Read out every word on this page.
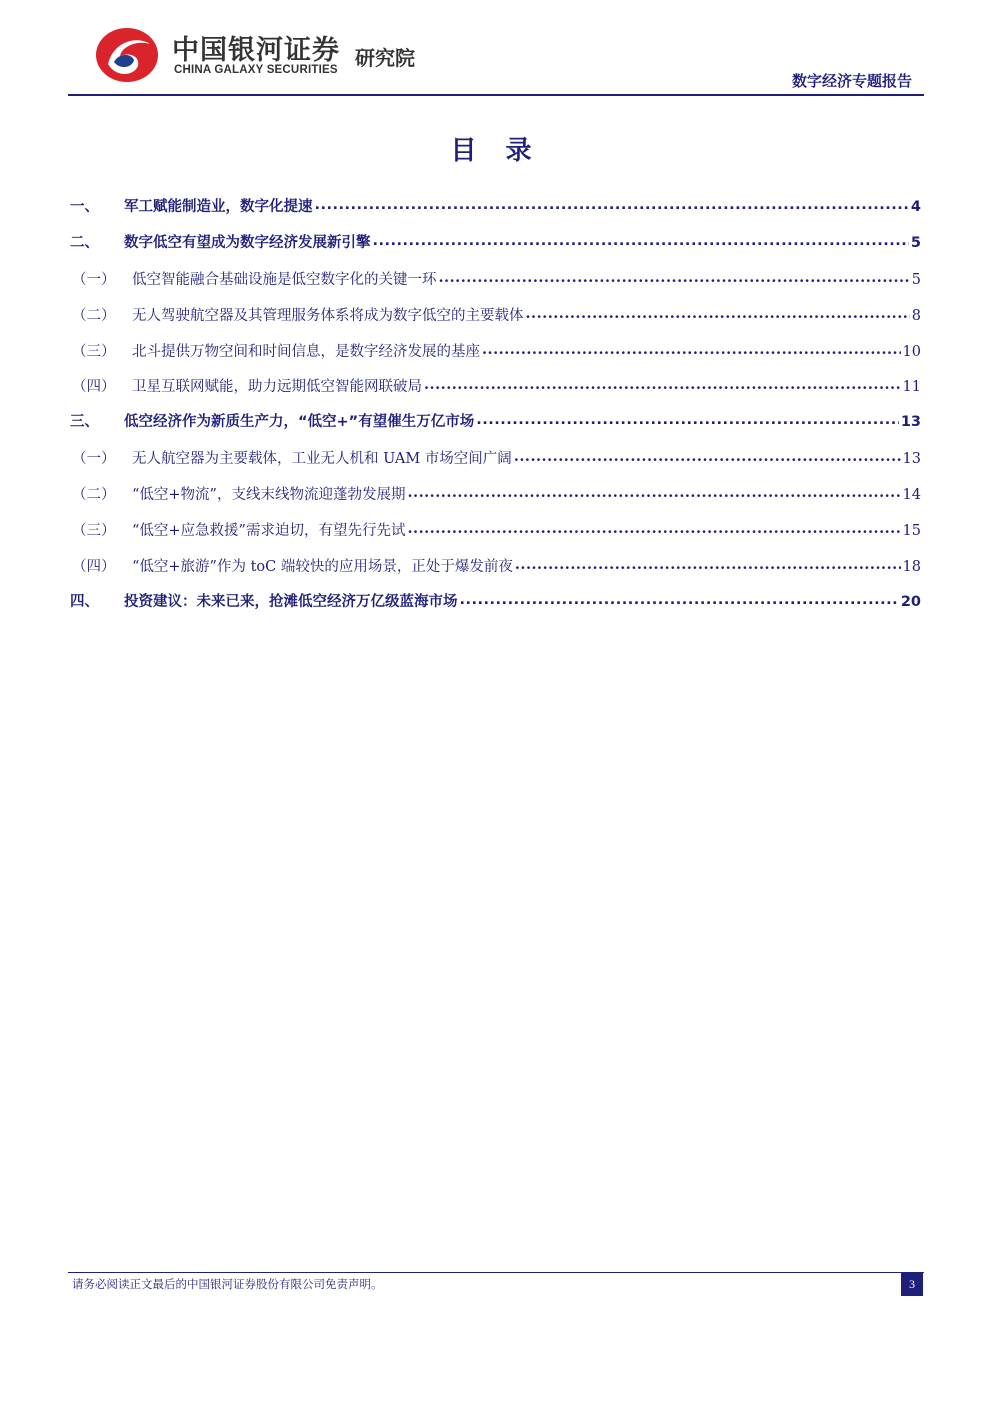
中国银河证券
CHINA GALAXY SECURITIES 研究院
数字经济专题报告
目 录
一、	军工赋能制造业，数字化提速 .....	4
二、	数字低空有望成为数字经济发展新引擎 .....	5
（一）	低空智能融合基础设施是低空数字化的关键一环 .....	5
（二）	无人驾驶航空器及其管理服务体系将成为数字低空的主要载体 .....	8
（三）	北斗提供万物空间和时间信息，是数字经济发展的基座 .....	10
（四）	卫星互联网赋能，助力远期低空智能网联破局 .....	11
三、	低空经济作为新质生产力，“低空+”有望催生万亿市场 .....	13
（一）	无人航空器为主要载体，工业无人机和 UAM 市场空间广阔 .....	13
（二）	“低空+物流”，支线末线物流迎蓬勃发展期 .....	14
（三）	“低空+应急救援”需求迫切，有望先行先试 .....	15
（四）	“低空+旅游”作为 toC 端较快的应用场景，正处于爆发前夜 .....	18
四、	投资建议：未来已来，抢滩低空经济万亿级蓝海市场 .....	20
请务必阅读正文最后的中国银河证券股份有限公司免责声明。	3
